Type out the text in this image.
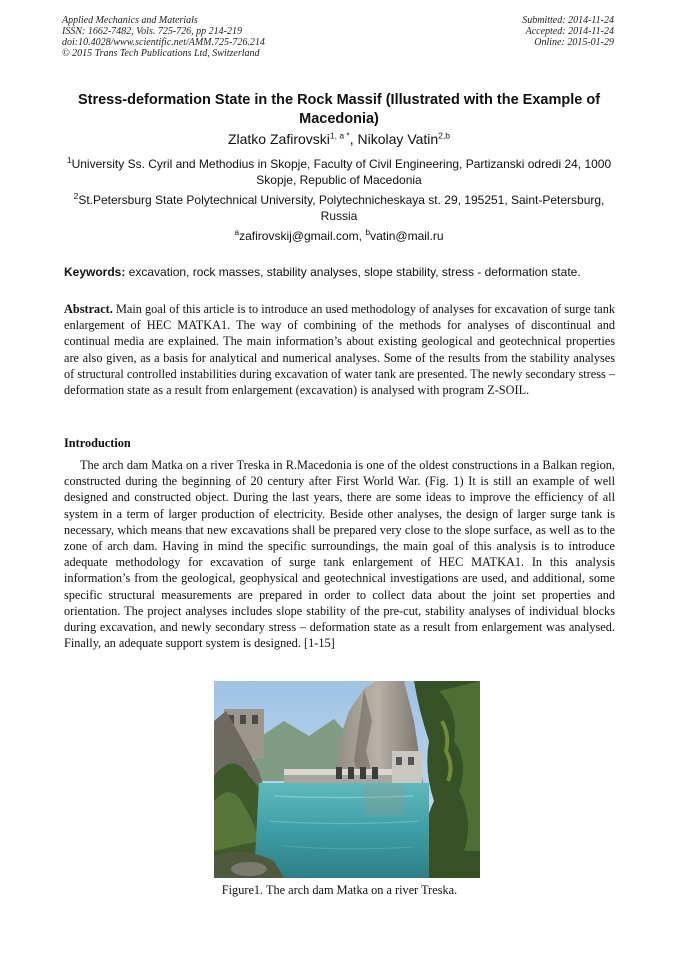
Applied Mechanics and Materials
ISSN: 1662-7482, Vols. 725-726, pp 214-219
doi:10.4028/www.scientific.net/AMM.725-726.214
© 2015 Trans Tech Publications Ltd, Switzerland
Submitted: 2014-11-24
Accepted: 2014-11-24
Online: 2015-01-29
Stress-deformation State in the Rock Massif (Illustrated with the Example of Macedonia)
Zlatko Zafirovski$^{1, a *}$, Nikolay Vatin$^{2,b}$
$^1$University Ss. Cyril and Methodius in Skopje, Faculty of Civil Engineering, Partizanski odredi 24, 1000 Skopje, Republic of Macedonia
$^2$St.Petersburg State Polytechnical University, Polytechnicheskaya st. 29, 195251, Saint-Petersburg, Russia
$^a$zafirovskij@gmail.com, $^b$vatin@mail.ru
Keywords: excavation, rock masses, stability analyses, slope stability, stress - deformation state.
Abstract. Main goal of this article is to introduce an used methodology of analyses for excavation of surge tank enlargement of HEC MATKA1. The way of combining of the methods for analyses of discontinual and continual media are explained. The main information’s about existing geological and geotechnical properties are also given, as a basis for analytical and numerical analyses. Some of the results from the stability analyses of structural controlled instabilities during excavation of water tank are presented. The newly secondary stress – deformation state as a result from enlargement (excavation) is analysed with program Z-SOIL.
Introduction
The arch dam Matka on a river Treska in R.Macedonia is one of the oldest constructions in a Balkan region, constructed during the beginning of 20 century after First World War. (Fig. 1) It is still an example of well designed and constructed object. During the last years, there are some ideas to improve the efficiency of all system in a term of larger production of electricity. Beside other analyses, the design of larger surge tank is necessary, which means that new excavations shall be prepared very close to the slope surface, as well as to the zone of arch dam. Having in mind the specific surroundings, the main goal of this analysis is to introduce adequate methodology for excavation of surge tank enlargement of HEC MATKA1. In this analysis information’s from the geological, geophysical and geotechnical investigations are used, and additional, some specific structural measurements are prepared in order to collect data about the joint set properties and orientation. The project analyses includes slope stability of the pre-cut, stability analyses of individual blocks during excavation, and newly secondary stress – deformation state as a result from enlargement was analysed. Finally, an adequate support system is designed. [1-15]
Figure1. The arch dam Matka on a river Treska.
